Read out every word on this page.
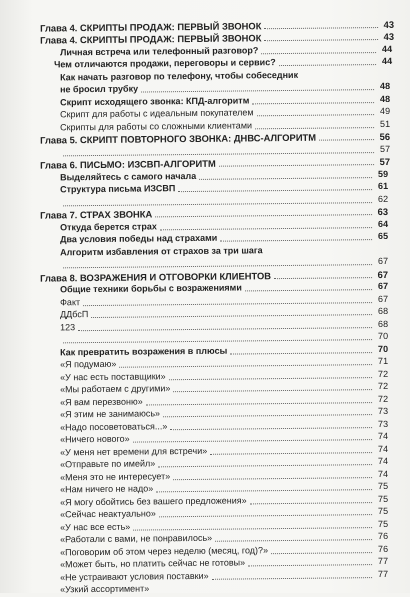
Глава 4. СКРИПТЫ ПРОДАЖ: ПЕРВЫЙ ЗВОНОК	43
Глава 4. СКРИПТЫ ПРОДАЖ: ПЕРВЫЙ ЗВОНОК	43
Личная встреча или телефонный разговор?	44
Чем отличаются продажи, переговоры и сервис?	44
Как начать разговор по телефону, чтобы собеседник
не бросил трубку	48
Скрипт исходящего звонка: КПД-алгоритм	48
Скрипт для работы с идеальным покупателем	49
Скрипты для работы со сложными клиентами	51
Глава 5. СКРИПТ ПОВТОРНОГО ЗВОНКА: ДНВС-АЛГОРИТМ	56
57
Глава 6. ПИСЬМО: ИЗСВП-АЛГОРИТМ	57
Выделяйтесь с самого начала	59
Структура письма ИЗСВП	61
62
Глава 7. СТРАХ ЗВОНКА	63
Откуда берется страх	64
Два условия победы над страхами	65
Алгоритм избавления от страхов за три шага
67
Глава 8. ВОЗРАЖЕНИЯ И ОТГОВОРКИ КЛИЕНТОВ	67
Общие техники борьбы с возражениями	67
Факт	67
ДДбсП	68
123	68
70
Как превратить возражения в плюсы	70
«Я подумаю»	71
«У нас есть поставщики»	72
«Мы работаем с другими»	72
«Я вам перезвоню»	72
«Я этим не занимаюсь»	73
«Надо посоветоваться...»	73
«Ничего нового»	74
«У меня нет времени для встречи»	74
«Отправьте по имейл»	74
«Меня это не интересует»	74
«Нам ничего не надо»	75
«Я могу обойтись без вашего предложения»	75
«Сейчас неактуально»	75
«У нас все есть»	75
«Работали с вами, не понравилось»	76
«Поговорим об этом через неделю (месяц, год)?»	76
«Может быть, но платить сейчас не готовы»	77
«Не устраивают условия поставки»	77
«Узкий ассортимент»
